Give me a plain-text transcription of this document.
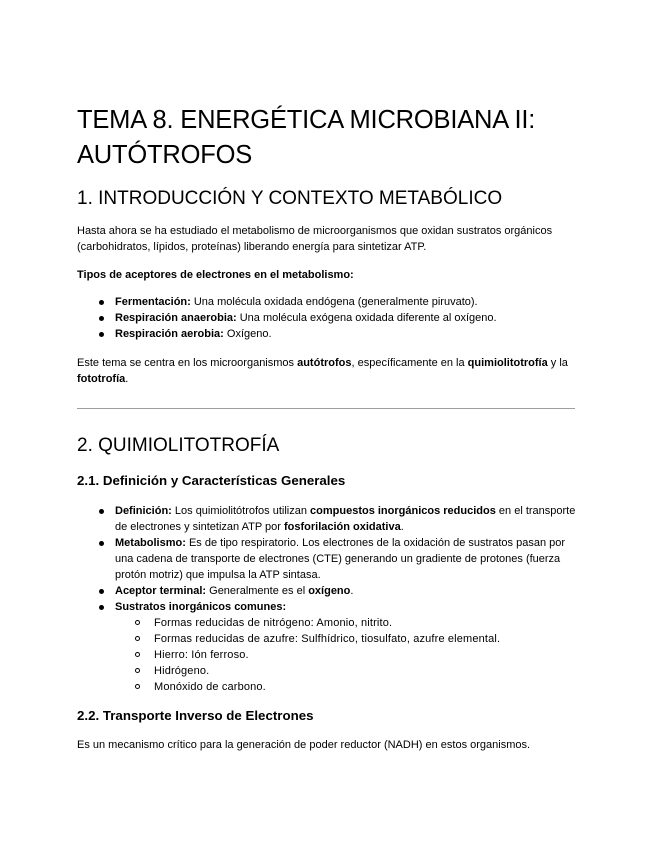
TEMA 8. ENERGÉTICA MICROBIANA II: AUTÓTROFOS
1. INTRODUCCIÓN Y CONTEXTO METABÓLICO

Hasta ahora se ha estudiado el metabolismo de microorganismos que oxidan sustratos orgánicos (carbohidratos, lípidos, proteínas) liberando energía para sintetizar ATP.

Tipos de aceptores de electrones en el metabolismo:

Fermentación: Una molécula oxidada endógena (generalmente piruvato).
Respiración anaerobia: Una molécula exógena oxidada diferente al oxígeno.
Respiración aerobia: Oxígeno.

Este tema se centra en los microorganismos autótrofos, específicamente en la quimiolitotrofía y la fototrofía.

2. QUIMIOLITOTROFÍA
2.1. Definición y Características Generales
Definición: Los quimiolitótrofos utilizan compuestos inorgánicos reducidos en el transporte de electrones y sintetizan ATP por fosforilación oxidativa.
Metabolismo: Es de tipo respiratorio. Los electrones de la oxidación de sustratos pasan por una cadena de transporte de electrones (CTE) generando un gradiente de protones (fuerza protón motriz) que impulsa la ATP sintasa.
Aceptor terminal: Generalmente es el oxígeno.
Sustratos inorgánicos comunes:
Formas reducidas de nitrógeno: Amonio, nitrito.
Formas reducidas de azufre: Sulfhídrico, tiosulfato, azufre elemental.
Hierro: Ión ferroso.
Hidrógeno.
Monóxido de carbono.
2.2. Transporte Inverso de Electrones

Es un mecanismo crítico para la generación de poder reductor (NADH) en estos organismos.
